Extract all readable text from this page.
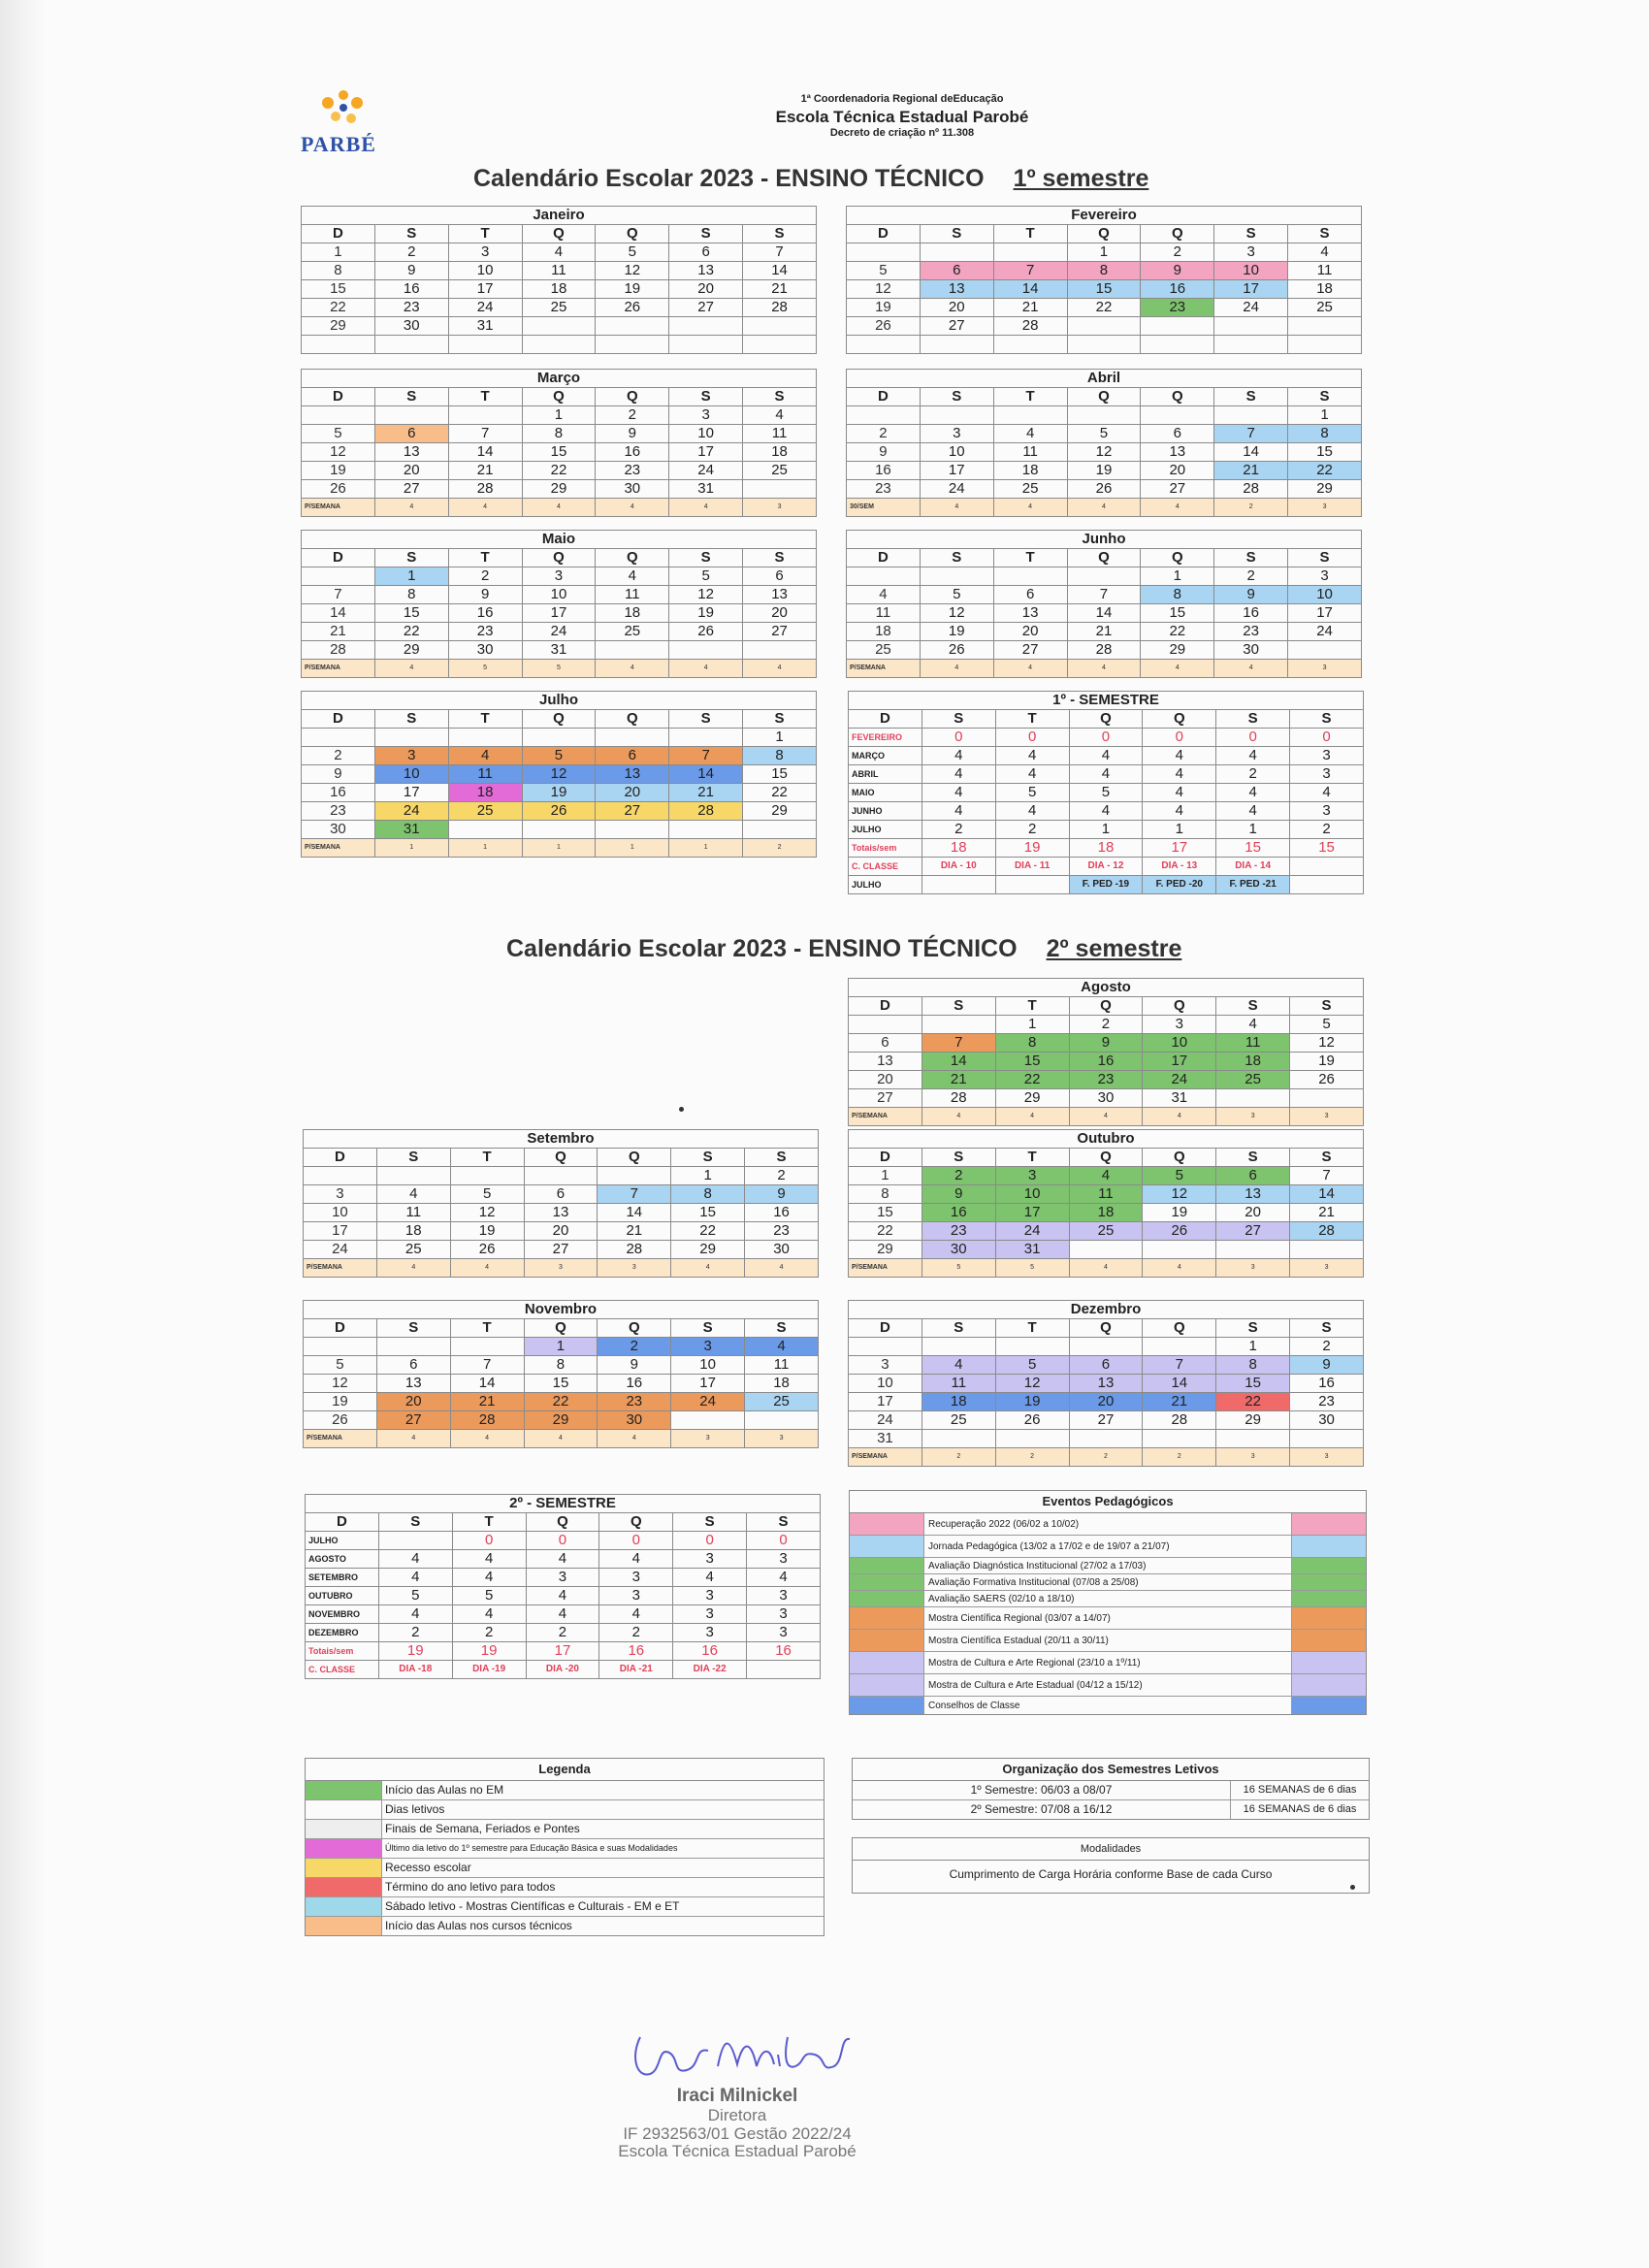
PARBÉ
1ª Coordenadoria Regional deEducação
Escola Técnica Estadual Parobé
Decreto de criação nº 11.308
Calendário Escolar 2023 - ENSINO TÉCNICO 1º semestre
Calendário Escolar 2023 - ENSINO TÉCNICO 2º semestre
Janeiro						
D	S	T	Q	Q	S	S
1	2	3	4	5	6	7
8	9	10	11	12	13	14
15	16	17	18	19	20	21
22	23	24	25	26	27	28
29	30	31				

Fevereiro						
D	S	T	Q	Q	S	S
			1	2	3	4
5	6	7	8	9	10	11
12	13	14	15	16	17	18
19	20	21	22	23	24	25
26	27	28				

Março						
D	S	T	Q	Q	S	S
			1	2	3	4
5	6	7	8	9	10	11
12	13	14	15	16	17	18
19	20	21	22	23	24	25
26	27	28	29	30	31	
P/SEMANA	4	4	4	4	4	3
Abril						
D	S	T	Q	Q	S	S
						1
2	3	4	5	6	7	8
9	10	11	12	13	14	15
16	17	18	19	20	21	22
23	24	25	26	27	28	29
30/SEM	4	4	4	4	2	3
Maio						
D	S	T	Q	Q	S	S
	1	2	3	4	5	6
7	8	9	10	11	12	13
14	15	16	17	18	19	20
21	22	23	24	25	26	27
28	29	30	31			
P/SEMANA	4	5	5	4	4	4
Junho						
D	S	T	Q	Q	S	S
				1	2	3
4	5	6	7	8	9	10
11	12	13	14	15	16	17
18	19	20	21	22	23	24
25	26	27	28	29	30	
P/SEMANA	4	4	4	4	4	3
Julho						
D	S	T	Q	Q	S	S
						1
2	3	4	5	6	7	8
9	10	11	12	13	14	15
16	17	18	19	20	21	22
23	24	25	26	27	28	29
30	31					
P/SEMANA	1	1	1	1	1	2
Agosto						
D	S	T	Q	Q	S	S
		1	2	3	4	5
6	7	8	9	10	11	12
13	14	15	16	17	18	19
20	21	22	23	24	25	26
27	28	29	30	31		
P/SEMANA	4	4	4	4	3	3
Setembro						
D	S	T	Q	Q	S	S
					1	2
3	4	5	6	7	8	9
10	11	12	13	14	15	16
17	18	19	20	21	22	23
24	25	26	27	28	29	30
P/SEMANA	4	4	3	3	4	4
Outubro						
D	S	T	Q	Q	S	S
1	2	3	4	5	6	7
8	9	10	11	12	13	14
15	16	17	18	19	20	21
22	23	24	25	26	27	28
29	30	31				
P/SEMANA	5	5	4	4	3	3
Novembro						
D	S	T	Q	Q	S	S
			1	2	3	4
5	6	7	8	9	10	11
12	13	14	15	16	17	18
19	20	21	22	23	24	25
26	27	28	29	30		
P/SEMANA	4	4	4	4	3	3
Dezembro						
D	S	T	Q	Q	S	S
					1	2
3	4	5	6	7	8	9
10	11	12	13	14	15	16
17	18	19	20	21	22	23
24	25	26	27	28	29	30
31						
P/SEMANA	2	2	2	2	3	3
1º - SEMESTRE						
D	S	T	Q	Q	S	S
FEVEREIRO	0	0	0	0	0	0
MARÇO	4	4	4	4	4	3
ABRIL	4	4	4	4	2	3
MAIO	4	5	5	4	4	4
JUNHO	4	4	4	4	4	3
JULHO	2	2	1	1	1	2
Totais/sem	18	19	18	17	15	15
C. CLASSE	DIA - 10	DIA - 11	DIA - 12	DIA - 13	DIA - 14	
JULHO			F. PED -19	F. PED -20	F. PED -21	
2º - SEMESTRE						
D	S	T	Q	Q	S	S
JULHO		0	0	0	0	0
AGOSTO	4	4	4	4	3	3
SETEMBRO	4	4	3	3	4	4
OUTUBRO	5	5	4	3	3	3
NOVEMBRO	4	4	4	4	3	3
DEZEMBRO	2	2	2	2	3	3
Totais/sem	19	19	17	16	16	16
C. CLASSE	DIA -18	DIA -19	DIA -20	DIA -21	DIA -22	
Eventos Pedagógicos
Recuperação 2022 (06/02 a 10/02)
Jornada Pedagógica (13/02 a 17/02 e de 19/07 a 21/07)
Avaliação Diagnóstica Institucional (27/02 a 17/03)
Avaliação Formativa Institucional (07/08 a 25/08)
Avaliação SAERS (02/10 a 18/10)
Mostra Científica Regional (03/07 a 14/07)
Mostra Científica Estadual (20/11 a 30/11)
Mostra de Cultura e Arte Regional (23/10 a 1º/11)
Mostra de Cultura e Arte Estadual (04/12 a 15/12)
Conselhos de Classe
Legenda
Início das Aulas no EM
Dias letivos
Finais de Semana, Feriados e Pontes
Último dia letivo do 1º semestre para Educação Básica e suas Modalidades
Recesso escolar
Término do ano letivo para todos
Sábado letivo - Mostras Científicas e Culturais - EM e ET
Início das Aulas nos cursos técnicos
Organização dos Semestres Letivos
1º Semestre: 06/03 a 08/07	16 SEMANAS de 6 dias
2º Semestre: 07/08 a 16/12	16 SEMANAS de 6 dias
Modalidades
Cumprimento de Carga Horária conforme Base de cada Curso
Iraci Milnickel
Diretora
IF 2932563/01 Gestão 2022/24
Escola Técnica Estadual Parobé
